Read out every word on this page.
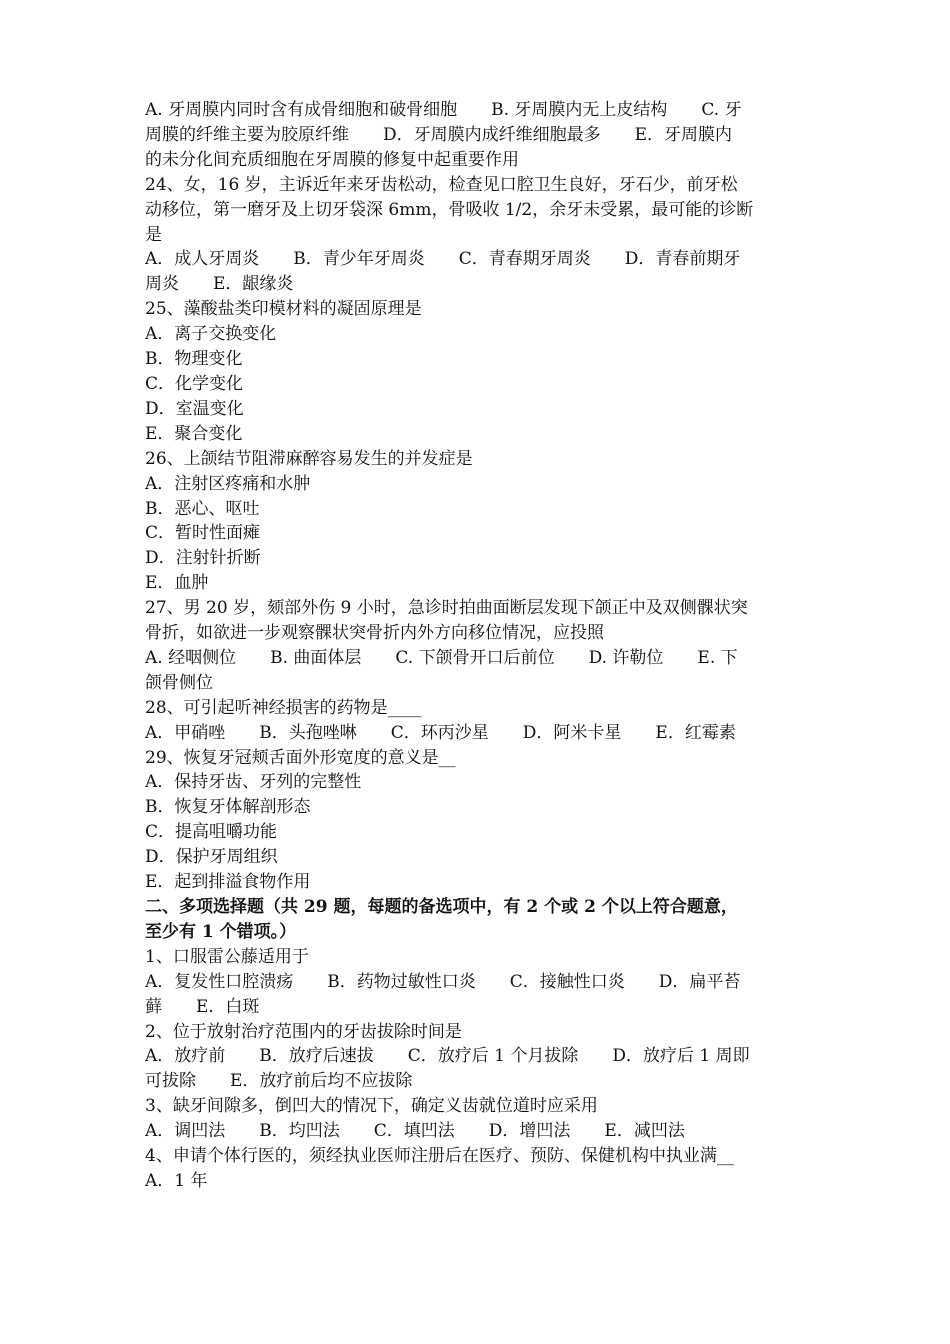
A. 牙周膜内同时含有成骨细胞和破骨细胞　　B. 牙周膜内无上皮结构　　C. 牙
周膜的纤维主要为胶原纤维　　D．牙周膜内成纤维细胞最多　　E．牙周膜内
的未分化间充质细胞在牙周膜的修复中起重要作用
24、女，16 岁，主诉近年来牙齿松动，检查见口腔卫生良好，牙石少，前牙松
动移位，第一磨牙及上切牙袋深 6mm，骨吸收 1/2，余牙未受累，最可能的诊断
是
A．成人牙周炎　　B．青少年牙周炎　　C．青春期牙周炎　　D．青春前期牙
周炎　　E．龈缘炎
25、藻酸盐类印模材料的凝固原理是
A．离子交换变化
B．物理变化
C．化学变化
D．室温变化
E．聚合变化
26、上颌结节阻滞麻醉容易发生的并发症是
A．注射区疼痛和水肿
B．恶心、呕吐
C．暂时性面瘫
D．注射针折断
E．血肿
27、男 20 岁，颏部外伤 9 小时，急诊时拍曲面断层发现下颌正中及双侧髁状突
骨折，如欲进一步观察髁状突骨折内外方向移位情况，应投照
A. 经咽侧位　　B. 曲面体层　　C. 下颌骨开口后前位　　D. 许勒位　　E. 下
颌骨侧位
28、可引起听神经损害的药物是____
A．甲硝唑　　B．头孢唑啉　　C．环丙沙星　　D．阿米卡星　　E．红霉素
29、恢复牙冠颊舌面外形宽度的意义是__
A．保持牙齿、牙列的完整性
B．恢复牙体解剖形态
C．提高咀嚼功能
D．保护牙周组织
E．起到排溢食物作用
二、多项选择题（共 29 题，每题的备选项中，有 2 个或 2 个以上符合题意，
至少有 1 个错项。）
1、口服雷公藤适用于
A．复发性口腔溃疡　　B．药物过敏性口炎　　C．接触性口炎　　D．扁平苔
藓　　E．白斑
2、位于放射治疗范围内的牙齿拔除时间是
A．放疗前　　B．放疗后速拔　　C．放疗后 1 个月拔除　　D．放疗后 1 周即
可拔除　　E．放疗前后均不应拔除
3、缺牙间隙多，倒凹大的情况下，确定义齿就位道时应采用
A．调凹法　　B．均凹法　　C．填凹法　　D．增凹法　　E．减凹法
4、申请个体行医的，须经执业医师注册后在医疗、预防、保健机构中执业满__
A．1 年
